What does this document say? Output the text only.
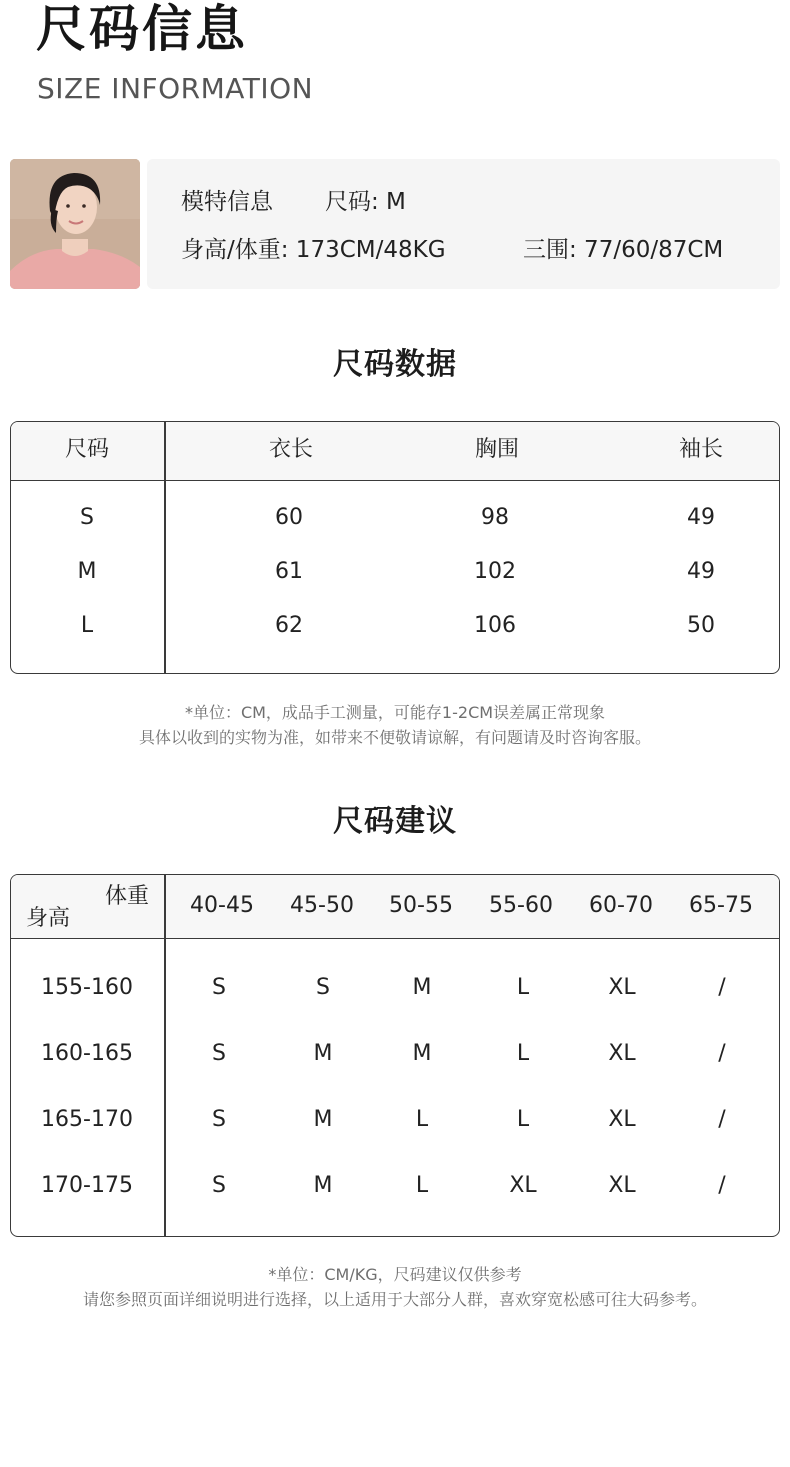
尺码信息
SIZE INFORMATION
模特信息 尺码: M
身高/体重: 173CM/48KG	三围: 77/60/87CM
尺码数据
尺码	衣长	胸围	袖长
S	60	98	49
M	61	102	49
L	62	106	50
*单位：CM，成品手工测量，可能存1-2CM误差属正常现象
具体以收到的实物为准，如带来不便敬请谅解，有问题请及时咨询客服。
尺码建议
体重
身高
40-45 45-50 50-55 55-60 60-70 65-75
155-160	S	S	M	L	XL	/
160-165	S	M	M	L	XL	/
165-170	S	M	L	L	XL	/
170-175	S	M	L	XL	XL	/
*单位：CM/KG，尺码建议仅供参考
请您参照页面详细说明进行选择，以上适用于大部分人群，喜欢穿宽松感可往大码参考。
